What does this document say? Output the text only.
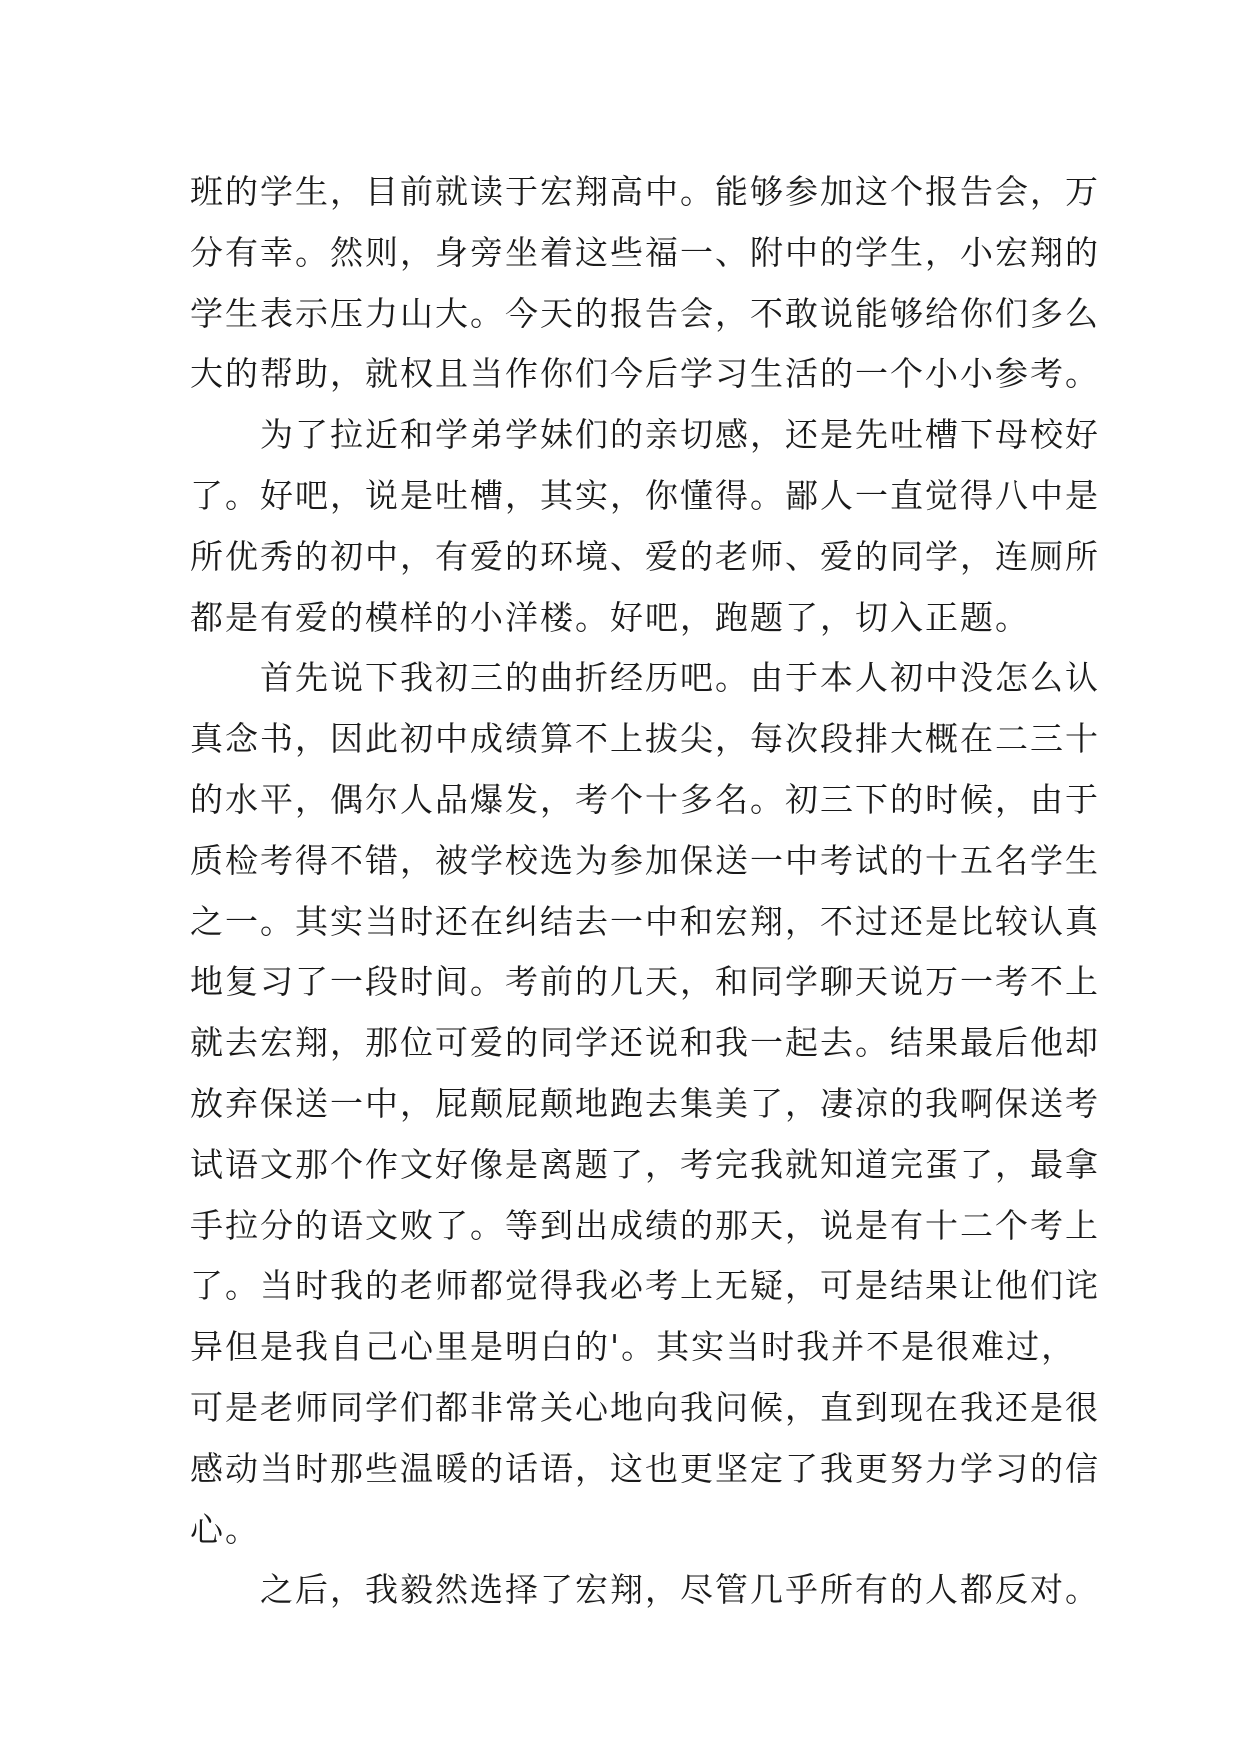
班的学生，目前就读于宏翔高中。能够参加这个报告会，万
分有幸。然则，身旁坐着这些福一、附中的学生，小宏翔的
学生表示压力山大。今天的报告会，不敢说能够给你们多么
大的帮助，就权且当作你们今后学习生活的一个小小参考。
为了拉近和学弟学妹们的亲切感，还是先吐槽下母校好
了。好吧，说是吐槽，其实，你懂得。鄙人一直觉得八中是
所优秀的初中，有爱的环境、爱的老师、爱的同学，连厕所
都是有爱的模样的小洋楼。好吧，跑题了，切入正题。
首先说下我初三的曲折经历吧。由于本人初中没怎么认
真念书，因此初中成绩算不上拔尖，每次段排大概在二三十
的水平，偶尔人品爆发，考个十多名。初三下的时候，由于
质检考得不错，被学校选为参加保送一中考试的十五名学生
之一。其实当时还在纠结去一中和宏翔，不过还是比较认真
地复习了一段时间。考前的几天，和同学聊天说万一考不上
就去宏翔，那位可爱的同学还说和我一起去。结果最后他却
放弃保送一中，屁颠屁颠地跑去集美了，凄凉的我啊保送考
试语文那个作文好像是离题了，考完我就知道完蛋了，最拿
手拉分的语文败了。等到出成绩的那天，说是有十二个考上
了。当时我的老师都觉得我必考上无疑，可是结果让他们诧
异但是我自己心里是明白的'。其实当时我并不是很难过，
可是老师同学们都非常关心地向我问候，直到现在我还是很
感动当时那些温暖的话语，这也更坚定了我更努力学习的信
心。
之后，我毅然选择了宏翔，尽管几乎所有的人都反对。
